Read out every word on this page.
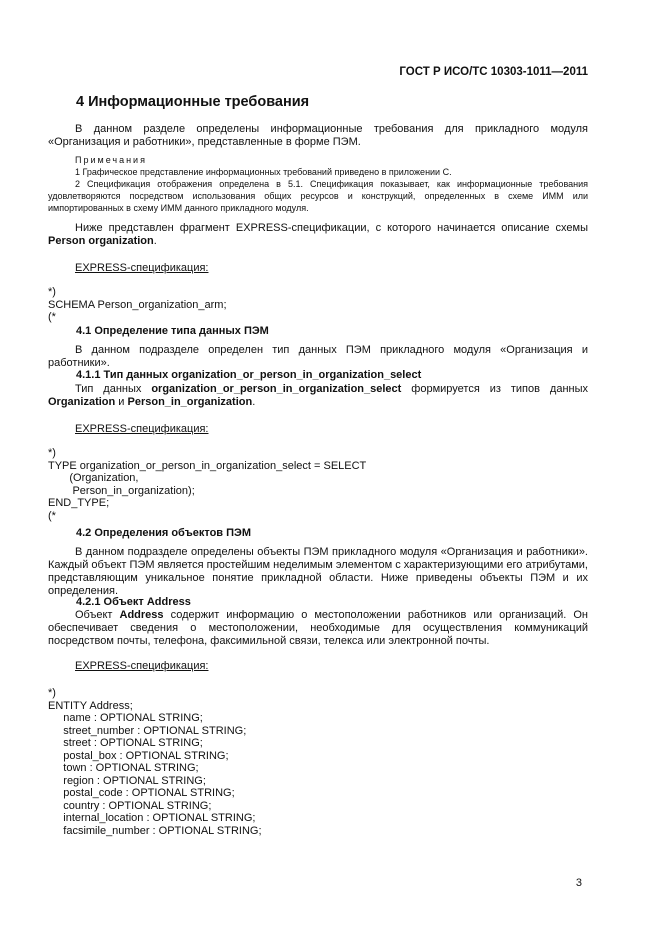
ГОСТ Р ИСО/ТС 10303-1011—2011
4 Информационные требования
В данном разделе определены информационные требования для прикладного модуля «Организация и работники», представленные в форме ПЭМ.
Примечания
1 Графическое представление информационных требований приведено в приложении С.
2 Спецификация отображения определена в 5.1. Спецификация показывает, как информационные требования удовлетворяются посредством использования общих ресурсов и конструкций, определенных в схеме ИММ или импортированных в схему ИММ данного прикладного модуля.
Ниже представлен фрагмент EXPRESS-спецификации, с которого начинается описание схемы Person organization.
EXPRESS-спецификация:
*)
SCHEMA Person_organization_arm;
(*
4.1 Определение типа данных ПЭМ
В данном подразделе определен тип данных ПЭМ прикладного модуля «Организация и работники».
4.1.1 Тип данных organization_or_person_in_organization_select
Тип данных organization_or_person_in_organization_select формируется из типов данных Organization и Person_in_organization.
EXPRESS-спецификация:
*)
TYPE organization_or_person_in_organization_select = SELECT
(Organization,
Person_in_organization);
END_TYPE;
(*
4.2 Определения объектов ПЭМ
В данном подразделе определены объекты ПЭМ прикладного модуля «Организация и работники». Каждый объект ПЭМ является простейшим неделимым элементом с характеризующими его атрибутами, представляющим уникальное понятие прикладной области. Ниже приведены объекты ПЭМ и их определения.
4.2.1 Объект Address
Объект Address содержит информацию о местоположении работников или организаций. Он обеспечивает сведения о местоположении, необходимые для осуществления коммуникаций посредством почты, телефона, факсимильной связи, телекса или электронной почты.
EXPRESS-спецификация:
*)
ENTITY Address;
name : OPTIONAL STRING;
street_number : OPTIONAL STRING;
street : OPTIONAL STRING;
postal_box : OPTIONAL STRING;
town : OPTIONAL STRING;
region : OPTIONAL STRING;
postal_code : OPTIONAL STRING;
country : OPTIONAL STRING;
internal_location : OPTIONAL STRING;
facsimile_number : OPTIONAL STRING;
3
